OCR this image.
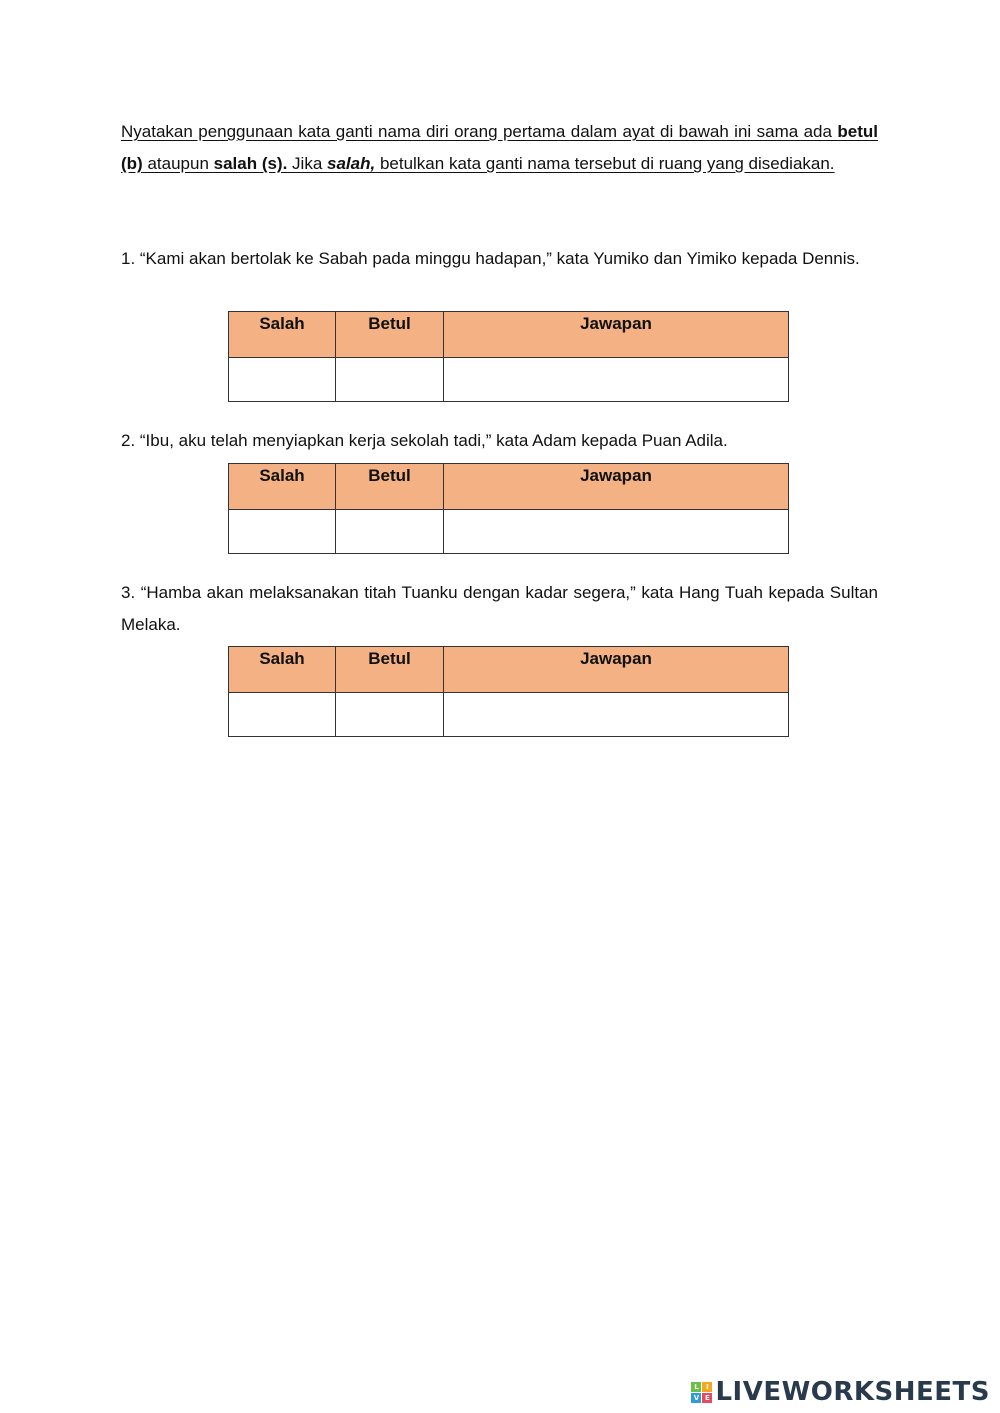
Nyatakan penggunaan kata ganti nama diri orang pertama dalam ayat di bawah ini sama ada betul (b) ataupun salah (s). Jika salah, betulkan kata ganti nama tersebut di ruang yang disediakan.
1. “Kami akan bertolak ke Sabah pada minggu hadapan,” kata Yumiko dan Yimiko kepada Dennis.
Salah	Betul	Jawapan

2. “Ibu, aku telah menyiapkan kerja sekolah tadi,” kata Adam kepada Puan Adila.
Salah	Betul	Jawapan

3. “Hamba akan melaksanakan titah Tuanku dengan kadar segera,” kata Hang Tuah kepada Sultan Melaka.
Salah	Betul	Jawapan

L	I
V E LIVEWORKSHEETS
